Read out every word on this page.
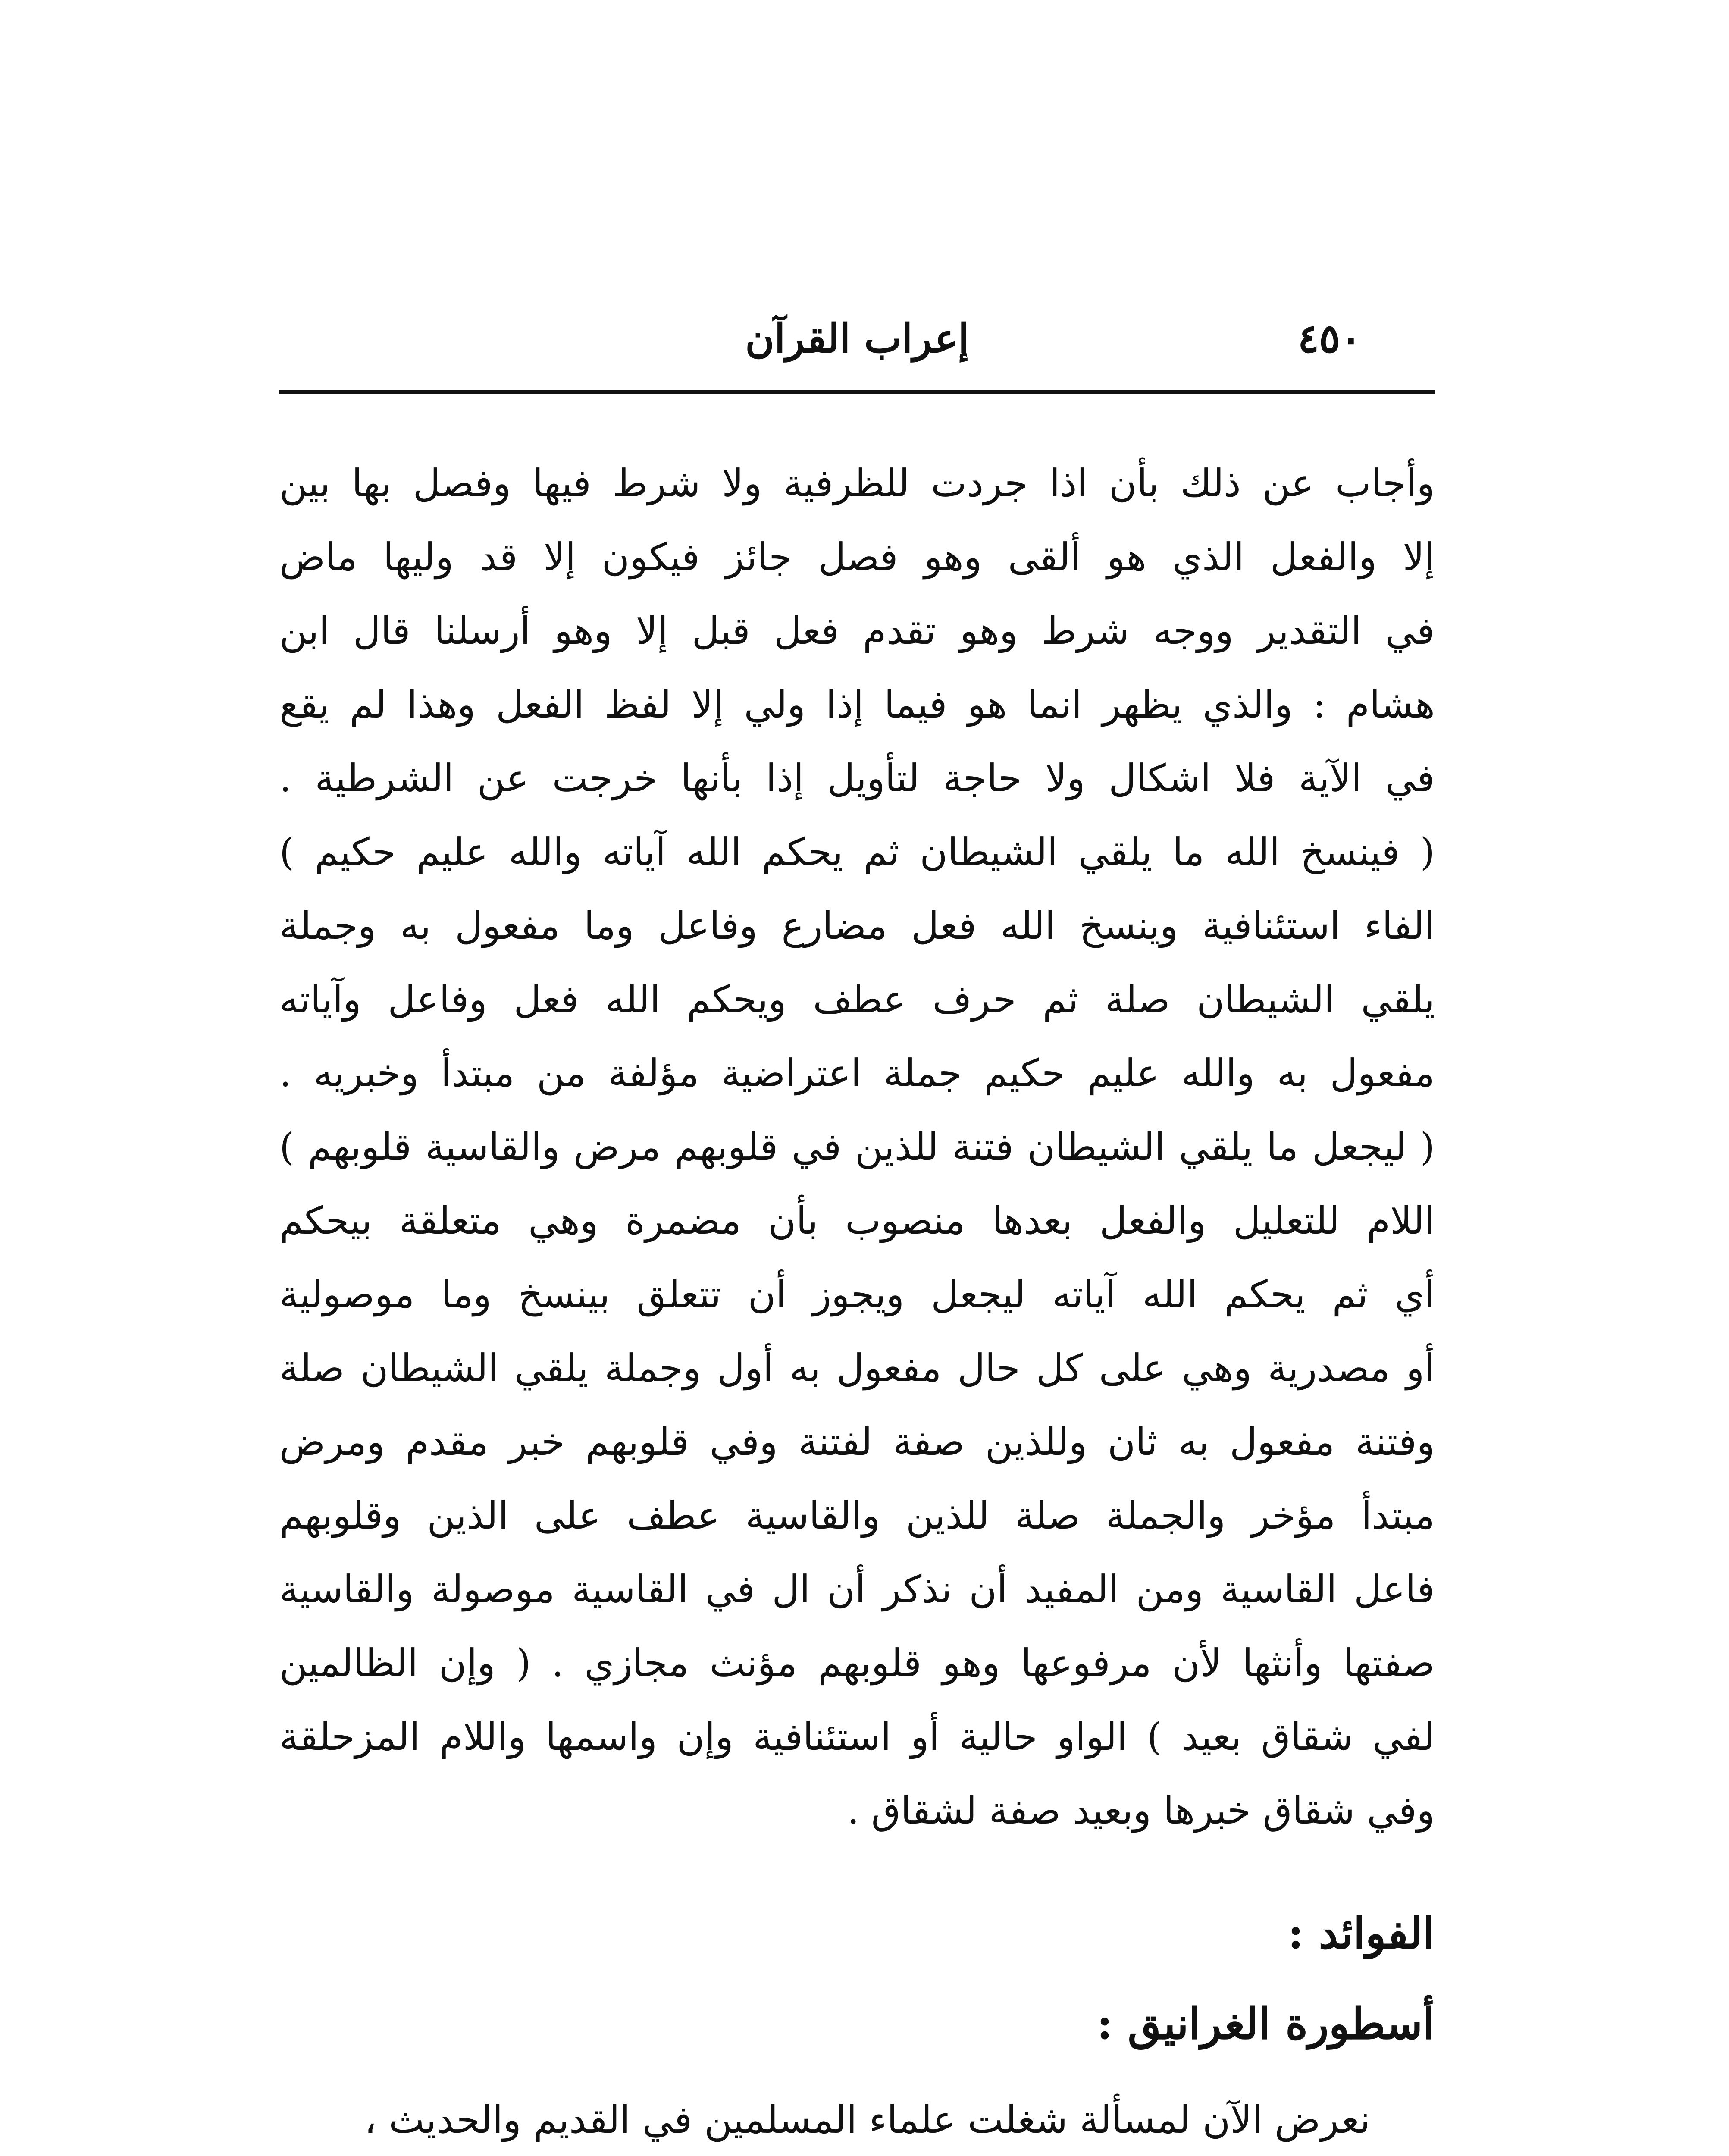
إعراب القرآن	٤٥٠
وأجاب عن ذلك بأن اذا جردت للظرفية ولا شرط فيها وفصل بها بين
إلا والفعل الذي هو ألقى وهو فصل جائز فيكون إلا قد وليها ماض
في التقدير ووجه شرط وهو تقدم فعل قبل إلا وهو أرسلنا قال ابن
هشام : والذي يظهر انما هو فيما إذا ولي إلا لفظ الفعل وهذا لم يقع
في الآية فلا اشكال ولا حاجة لتأويل إذا بأنها خرجت عن الشرطية .
( فينسخ الله ما يلقي الشيطان ثم يحكم الله آياته والله عليم حكيم )
الفاء استئنافية وينسخ الله فعل مضارع وفاعل وما مفعول به وجملة
يلقي الشيطان صلة ثم حرف عطف ويحكم الله فعل وفاعل وآياته
مفعول به والله عليم حكيم جملة اعتراضية مؤلفة من مبتدأ وخبريه .
( ليجعل ما يلقي الشيطان فتنة للذين في قلوبهم مرض والقاسية قلوبهم )
اللام للتعليل والفعل بعدها منصوب بأن مضمرة وهي متعلقة بيحكم
أي ثم يحكم الله آياته ليجعل ويجوز أن تتعلق بينسخ وما موصولية
أو مصدرية وهي على كل حال مفعول به أول وجملة يلقي الشيطان صلة
وفتنة مفعول به ثان وللذين صفة لفتنة وفي قلوبهم خبر مقدم ومرض
مبتدأ مؤخر والجملة صلة للذين والقاسية عطف على الذين وقلوبهم
فاعل القاسية ومن المفيد أن نذكر أن ال في القاسية موصولة والقاسية
صفتها وأنثها لأن مرفوعها وهو قلوبهم مؤنث مجازي . ( وإن الظالمين
لفي شقاق بعيد ) الواو حالية أو استئنافية وإن واسمها واللام المزحلقة
وفي شقاق خبرها وبعيد صفة لشقاق .
الفوائد :
أسطورة الغرانيق :
نعرض الآن لمسألة شغلت علماء المسلمين في القديم والحديث ،
